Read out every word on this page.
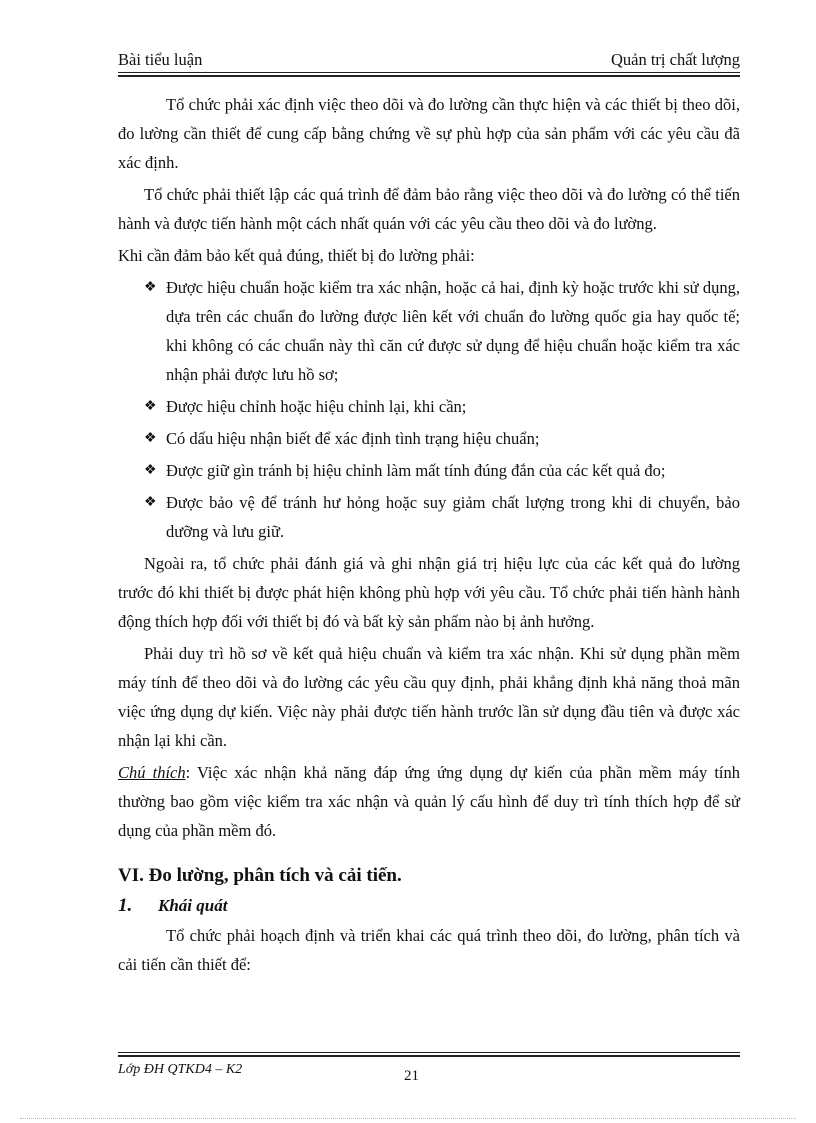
Bài tiểu luận	Quản trị chất lượng

Tổ chức phải xác định việc theo dõi và đo lường cần thực hiện và các thiết bị theo dõi, đo lường cần thiết để cung cấp bằng chứng về sự phù hợp của sản phẩm với các yêu cầu đã xác định.

Tổ chức phải thiết lập các quá trình để đảm bảo rằng việc theo dõi và đo lường có thể tiến hành và được tiến hành một cách nhất quán với các yêu cầu theo dõi và đo lường.

Khi cần đảm bảo kết quả đúng, thiết bị đo lường phải:

❖ Được hiệu chuẩn hoặc kiểm tra xác nhận, hoặc cả hai, định kỳ hoặc trước khi sử dụng, dựa trên các chuẩn đo lường được liên kết với chuẩn đo lường quốc gia hay quốc tế; khi không có các chuẩn này thì căn cứ được sử dụng để hiệu chuẩn hoặc kiểm tra xác nhận phải được lưu hồ sơ;
❖ Được hiệu chỉnh hoặc hiệu chỉnh lại, khi cần;
❖ Có dấu hiệu nhận biết để xác định tình trạng hiệu chuẩn;
❖ Được giữ gìn tránh bị hiệu chỉnh làm mất tính đúng đắn của các kết quả đo;
❖ Được bảo vệ để tránh hư hỏng hoặc suy giảm chất lượng trong khi di chuyển, bảo dưỡng và lưu giữ.

Ngoài ra, tổ chức phải đánh giá và ghi nhận giá trị hiệu lực của các kết quả đo lường trước đó khi thiết bị được phát hiện không phù hợp với yêu cầu. Tổ chức phải tiến hành hành động thích hợp đối với thiết bị đó và bất kỳ sản phẩm nào bị ảnh hưởng.

Phải duy trì hồ sơ về kết quả hiệu chuẩn và kiểm tra xác nhận. Khi sử dụng phần mềm máy tính để theo dõi và đo lường các yêu cầu quy định, phải khẳng định khả năng thoả mãn việc ứng dụng dự kiến. Việc này phải được tiến hành trước lần sử dụng đầu tiên và được xác nhận lại khi cần.

Chú thích: Việc xác nhận khả năng đáp ứng ứng dụng dự kiến của phần mềm máy tính thường bao gồm việc kiểm tra xác nhận và quản lý cấu hình để duy trì tính thích hợp để sử dụng của phần mềm đó.

VI. Đo lường, phân tích và cải tiến.
1. Khái quát

Tổ chức phải hoạch định và triển khai các quá trình theo dõi, đo lường, phân tích và cải tiến cần thiết để:

Lớp ĐH QTKD4 – K2	21
